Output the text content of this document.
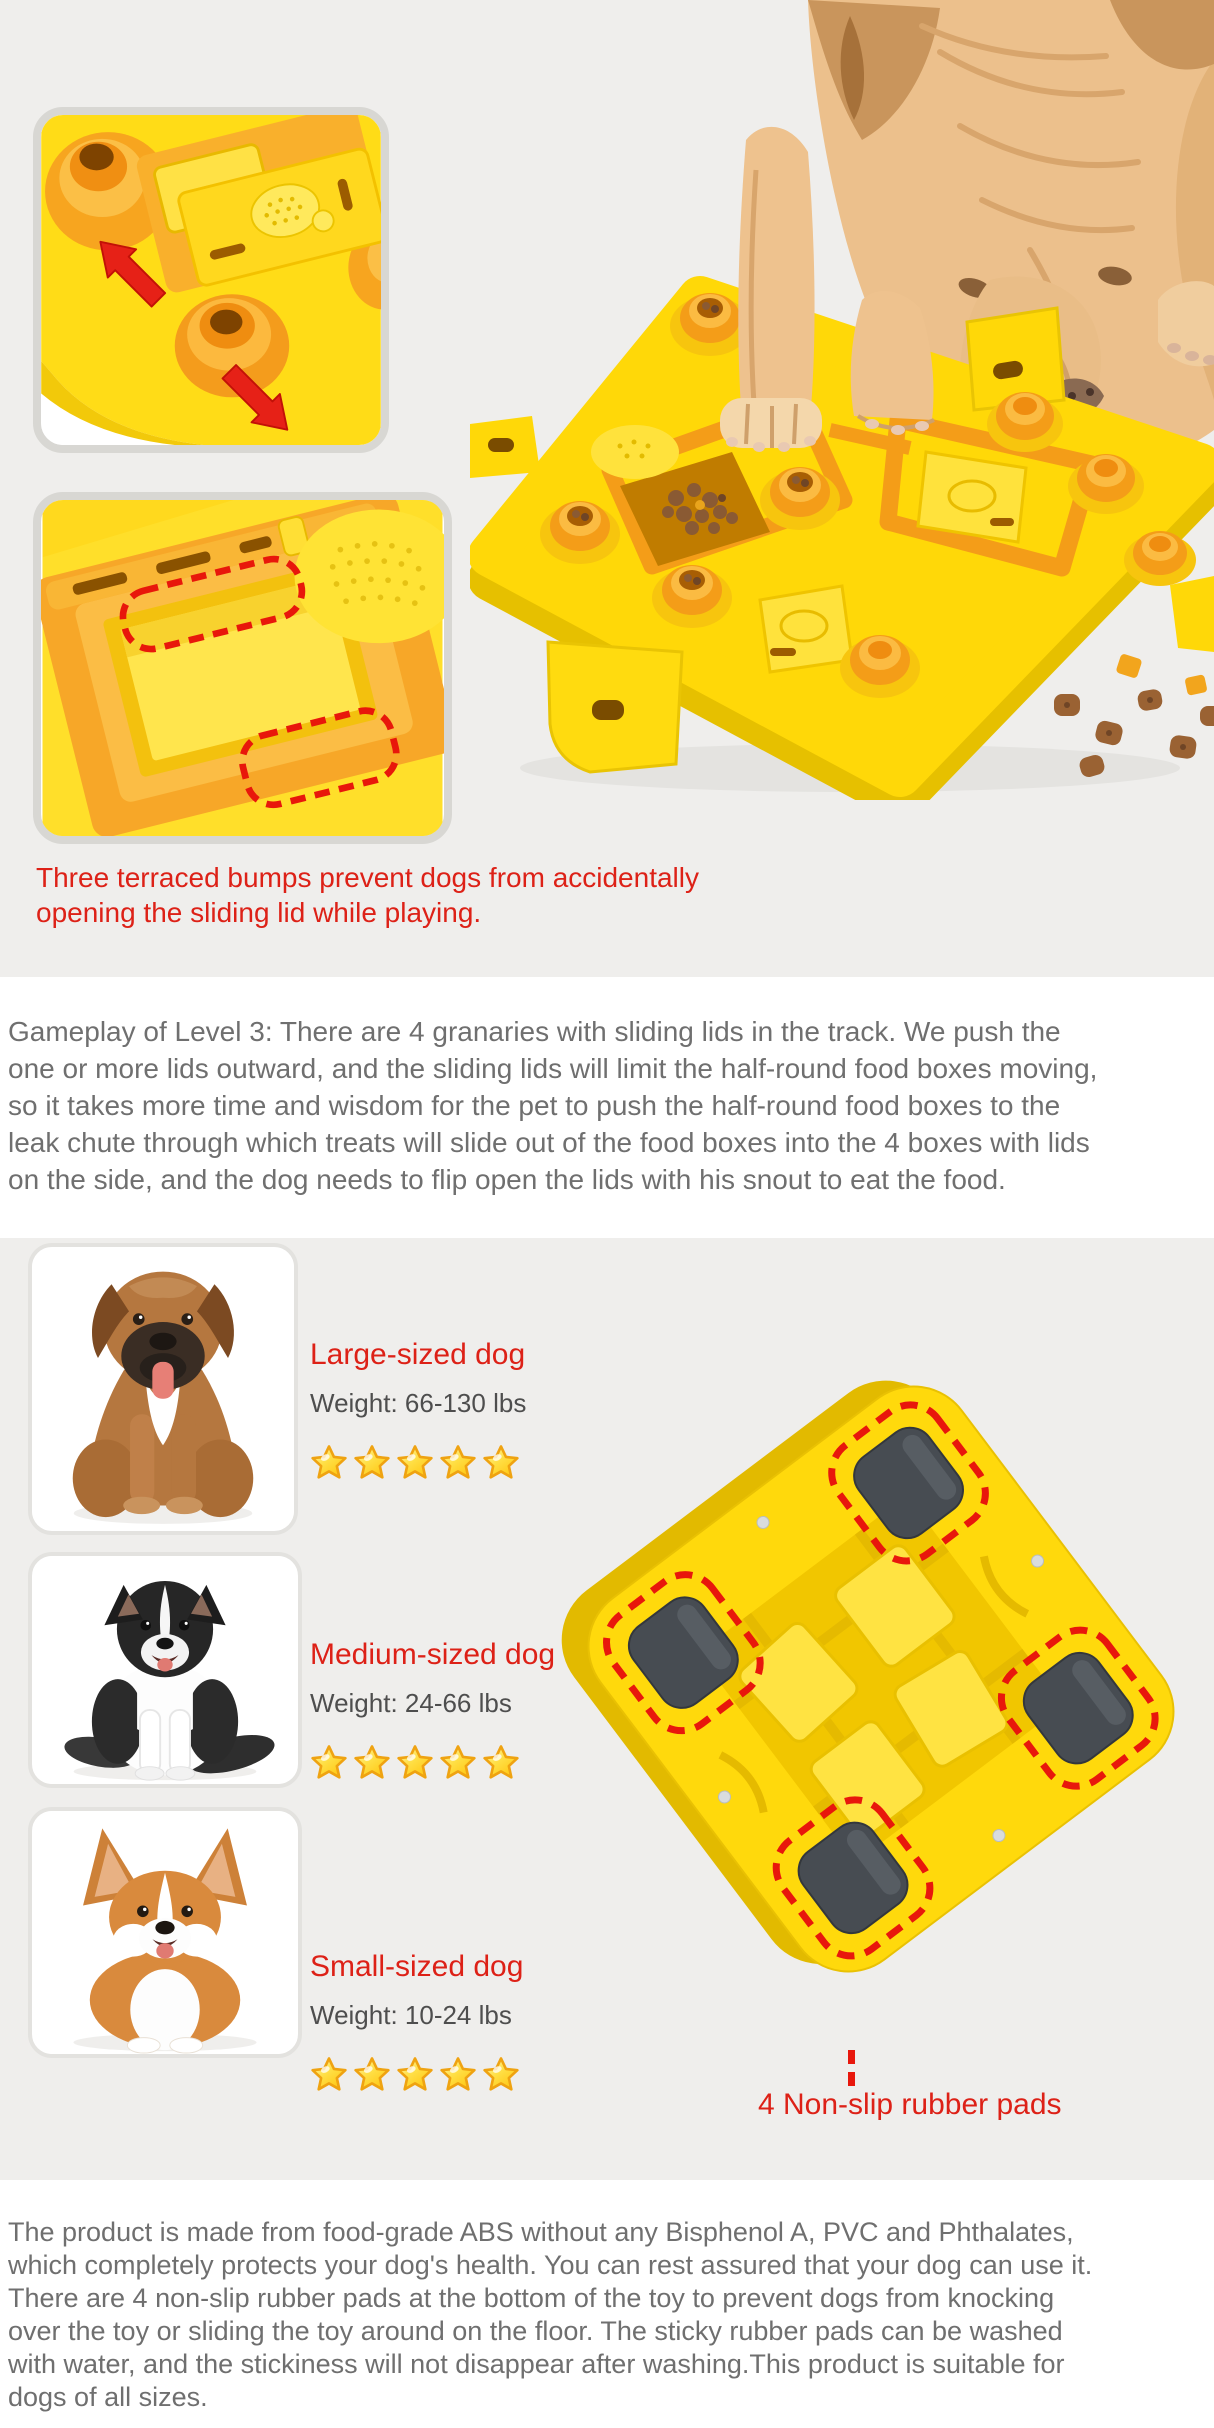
Three terraced bumps prevent dogs from accidentally
opening the sliding lid while playing.
Gameplay of Level 3: There are 4 granaries with sliding lids in the track. We push the
one or more lids outward, and the sliding lids will limit the half-round food boxes moving,
so it takes more time and wisdom for the pet to push the half-round food boxes to the
leak chute through which treats will slide out of the food boxes into the 4 boxes with lids
on the side, and the dog needs to flip open the lids with his snout to eat the food.
Large-sized dog
Weight: 66-130 lbs
Medium-sized dog
Weight: 24-66 lbs
Small-sized dog
Weight: 10-24 lbs
4 Non-slip rubber pads
The product is made from food-grade ABS without any Bisphenol A, PVC and Phthalates,
which completely protects your dog's health. You can rest assured that your dog can use it.
There are 4 non-slip rubber pads at the bottom of the toy to prevent dogs from knocking
over the toy or sliding the toy around on the floor. The sticky rubber pads can be washed
with water, and the stickiness will not disappear after washing.This product is suitable for
dogs of all sizes.
